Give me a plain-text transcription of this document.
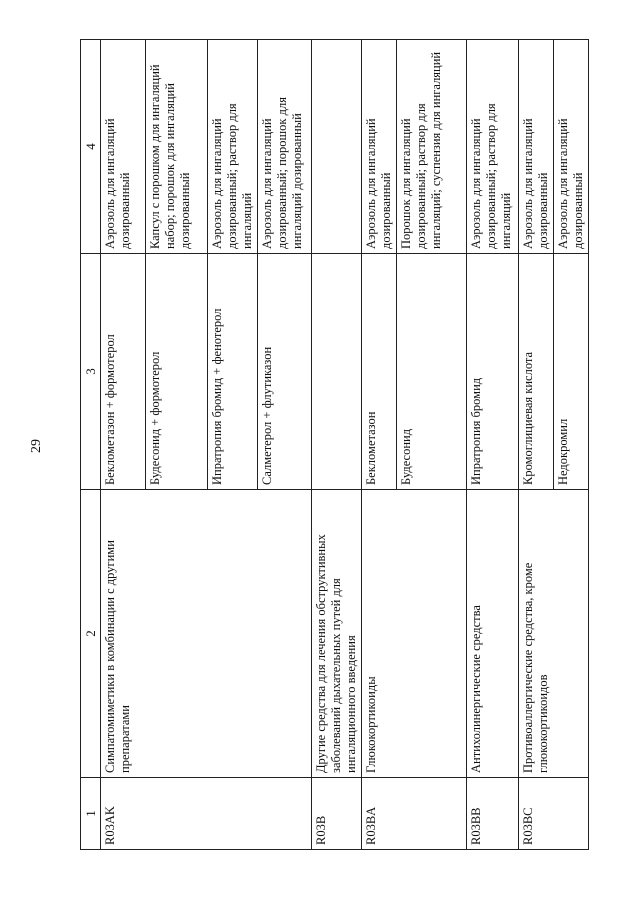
29
1	2	3	4
R03AK	Симпатомиметики в комбинации с другими препаратами	Беклометазон + формотерол	Аэрозоль для ингаляций дозированный
		Будесонид + формотерол	Капсул с порошком для ингаляций набор; порошок для ингаляций дозированный
		Ипратропия бромид + фенотерол	Аэрозоль для ингаляций дозированный; раствор для ингаляций
		Салметерол + флутиказон	Аэрозоль для ингаляций дозированный; порошок для ингаляций дозированный
R03B	Другие средства для лечения обструктивных заболеваний дыхательных путей для ингаляционного введения		
R03BA	Глюкокортикоиды	Беклометазон	Аэрозоль для ингаляций дозированный
		Будесонид	Порошок для ингаляций дозированный; раствор для ингаляций; суспензия для ингаляций
R03BB	Антихолинергические средства	Ипратропия бромид	Аэрозоль для ингаляций дозированный; раствор для ингаляций
R03BC	Противоаллергические средства, кроме глюкокортикоидов	Кромоглициевая кислота	Аэрозоль для ингаляций дозированный
		Недокромил	Аэрозоль для ингаляций дозированный
